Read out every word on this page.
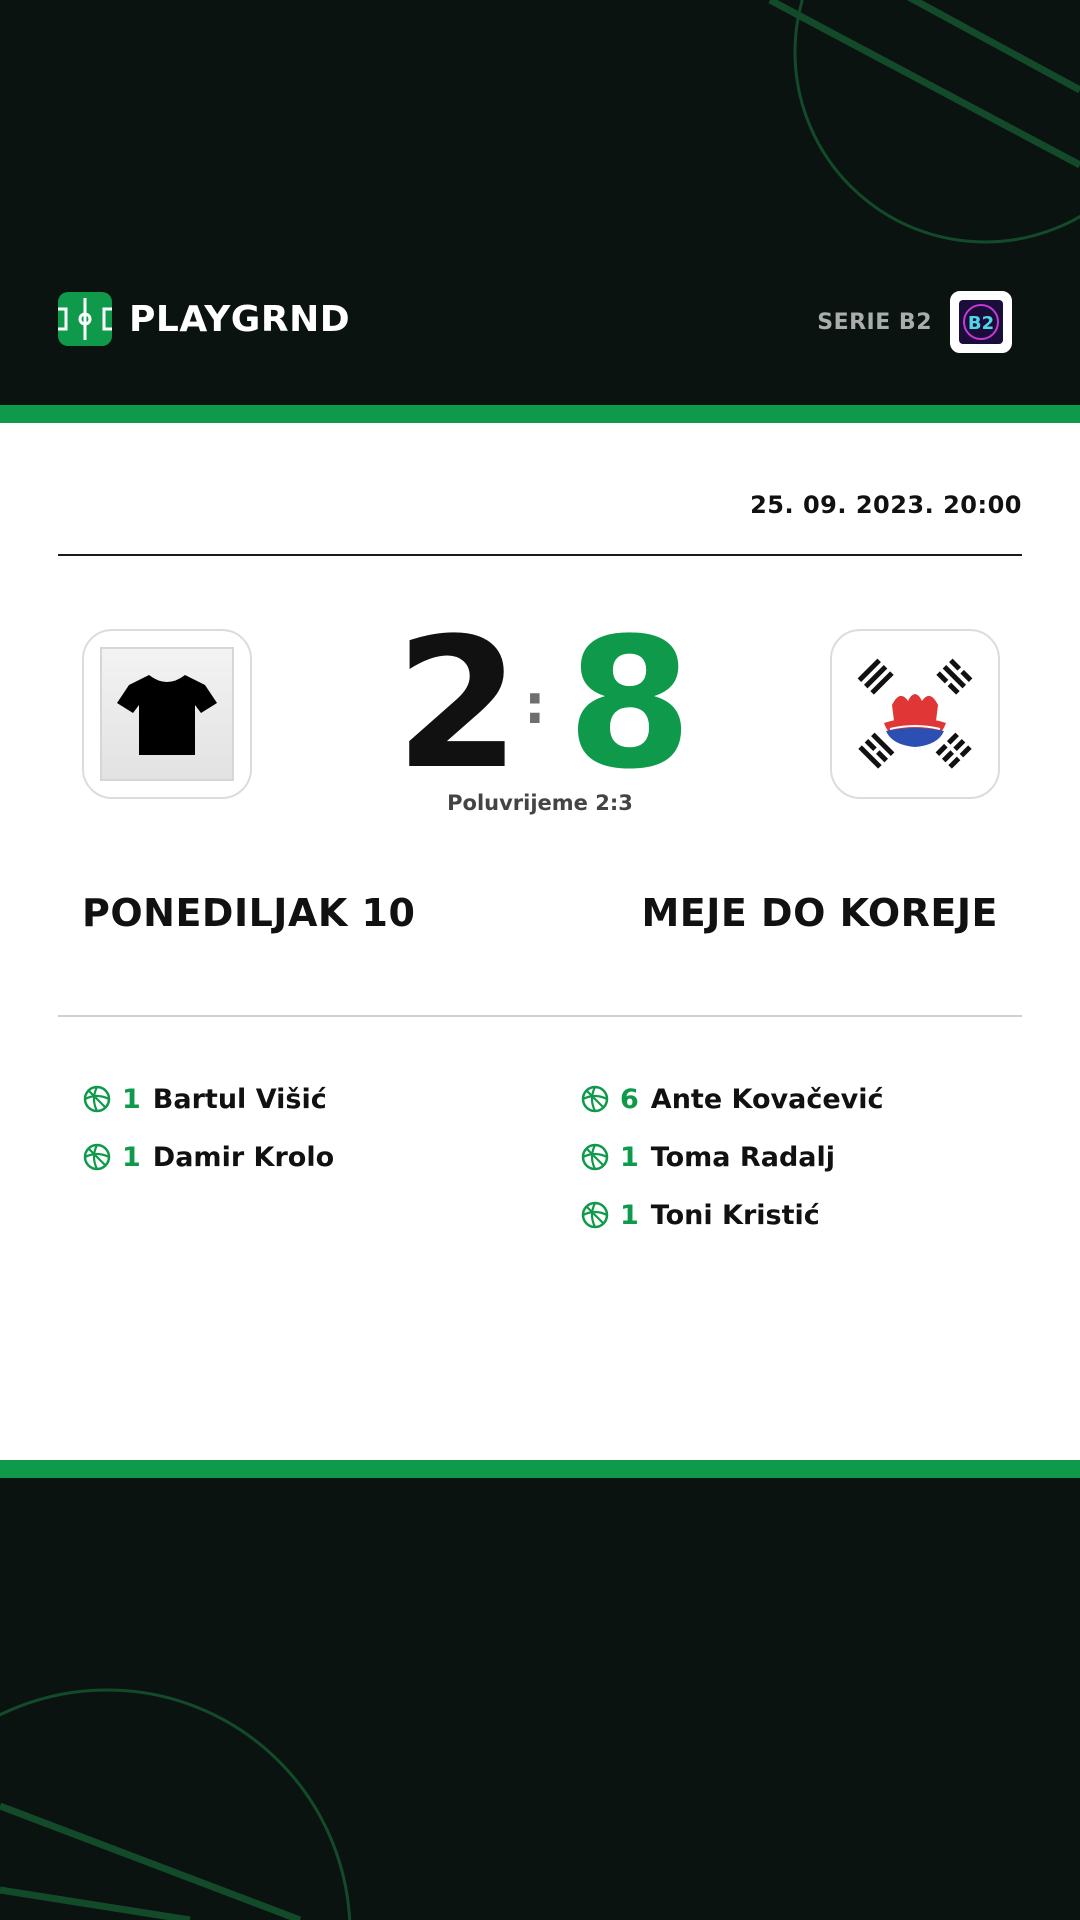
PLAYGRND	SERIE B2 B2
25. 09. 2023. 20:00
2 : 8
Poluvrijeme 2:3
PONEDILJAK 10	MEJE DO KOREJE
1 Bartul Višić
1 Damir Krolo
6 Ante Kovačević
1 Toma Radalj
1 Toni Kristić
